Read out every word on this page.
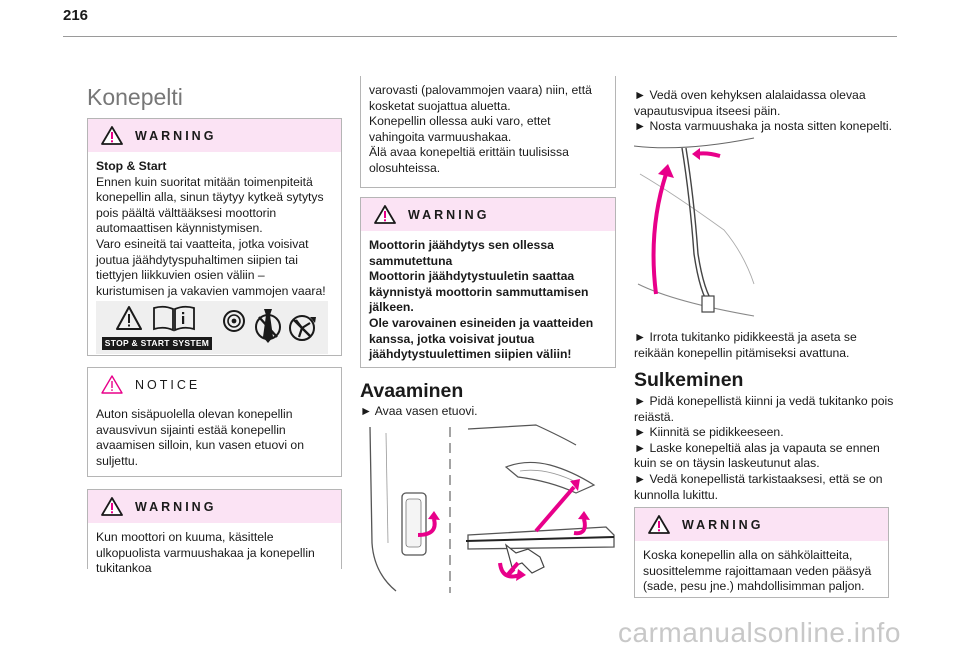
216
Konepelti
WARNING
Stop & Start
Ennen kuin suoritat mitään toimenpiteitä konepellin alla, sinun täytyy kytkeä sytytys pois päältä välttääksesi moottorin automaattisen käynnistymisen.
Varo esineitä tai vaatteita, jotka voisivat joutua jäähdytyspuhaltimen siipien tai tiettyjen liikkuvien osien väliin – kuristumisen ja vakavien vammojen vaara!
STOP & START SYSTEM
NOTICE
Auton sisäpuolella olevan konepellin avausvivun sijainti estää konepellin avaamisen silloin, kun vasen etuovi on suljettu.
WARNING
Kun moottori on kuuma, käsittele ulkopuolista varmuushakaa ja konepellin tukitankoa
varovasti (palovammojen vaara) niin, että kosketat suojattua aluetta.
Konepellin ollessa auki varo, ettet vahingoita varmuushakaa.
Älä avaa konepeltiä erittäin tuulisissa olosuhteissa.
WARNING
Moottorin jäähdytys sen ollessa sammutettuna
Moottorin jäähdytystuuletin saattaa käynnistyä moottorin sammuttamisen jälkeen.
Ole varovainen esineiden ja vaatteiden kanssa, jotka voisivat joutua jäähdytystuulettimen siipien väliin!
Avaaminen
► Avaa vasen etuovi.
► Vedä oven kehyksen alalaidassa olevaa vapautusvipua itseesi päin.
► Nosta varmuushaka ja nosta sitten konepelti.
► Irrota tukitanko pidikkeestä ja aseta se reikään konepellin pitämiseksi avattuna.
Sulkeminen
► Pidä konepellistä kiinni ja vedä tukitanko pois reiästä.
► Kiinnitä se pidikkeeseen.
► Laske konepeltiä alas ja vapauta se ennen kuin se on täysin laskeutunut alas.
► Vedä konepellistä tarkistaaksesi, että se on kunnolla lukittu.
WARNING
Koska konepellin alla on sähkölaitteita, suosittelemme rajoittamaan veden pääsyä (sade, pesu jne.) mahdollisimman paljon.
carmanualsonline.info
